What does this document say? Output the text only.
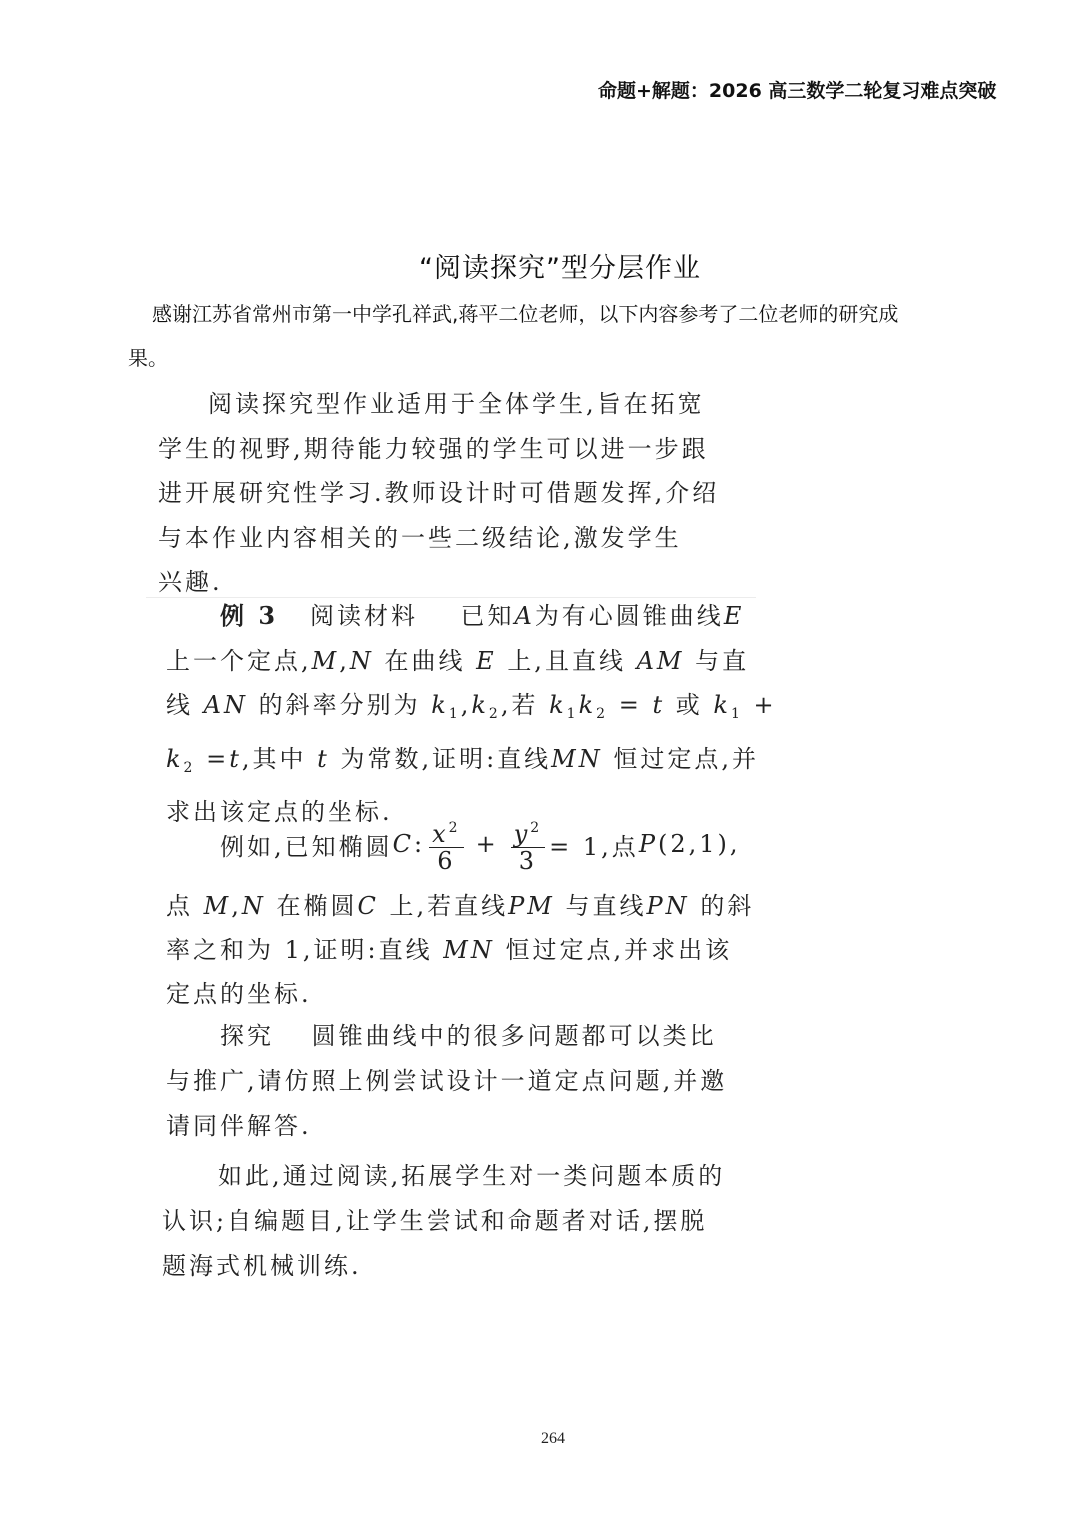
命题+解题：2026 高三数学二轮复习难点突破
“阅读探究”型分层作业
感谢江苏省常州市第一中学孔祥武,蒋平二位老师，以下内容参考了二位老师的研究成
果。
阅读探究型作业适用于全体学生,旨在拓宽
学生的视野,期待能力较强的学生可以进一步跟
进开展研究性学习.教师设计时可借题发挥,介绍
与本作业内容相关的一些二级结论,激发学生
兴趣.
例 3 阅读材料 已知A为有心圆锥曲线E
上一个定点,M,N 在曲线 E 上,且直线 AM 与直
线 AN 的斜率分别为 $k_1,k_2$,若 $k_1k_2 = t$ 或 $k_1$ +
$k_2 =t$,其中 t 为常数,证明:直线MN 恒过定点,并
求出该定点的坐标.
例如,已知椭圆 C : $\frac{x^2}{6} + \frac{y^2}{3} = 1$,点 P (2,1),
点 M,N 在椭圆C 上,若直线PM 与直线PN 的斜
率之和为 1,证明:直线 MN 恒过定点,并求出该
定点的坐标.
探究　 圆锥曲线中的很多问题都可以类比
与推广,请仿照上例尝试设计一道定点问题,并邀
请同伴解答.
如此,通过阅读,拓展学生对一类问题本质的
认识;自编题目,让学生尝试和命题者对话,摆脱
题海式机械训练.
264
